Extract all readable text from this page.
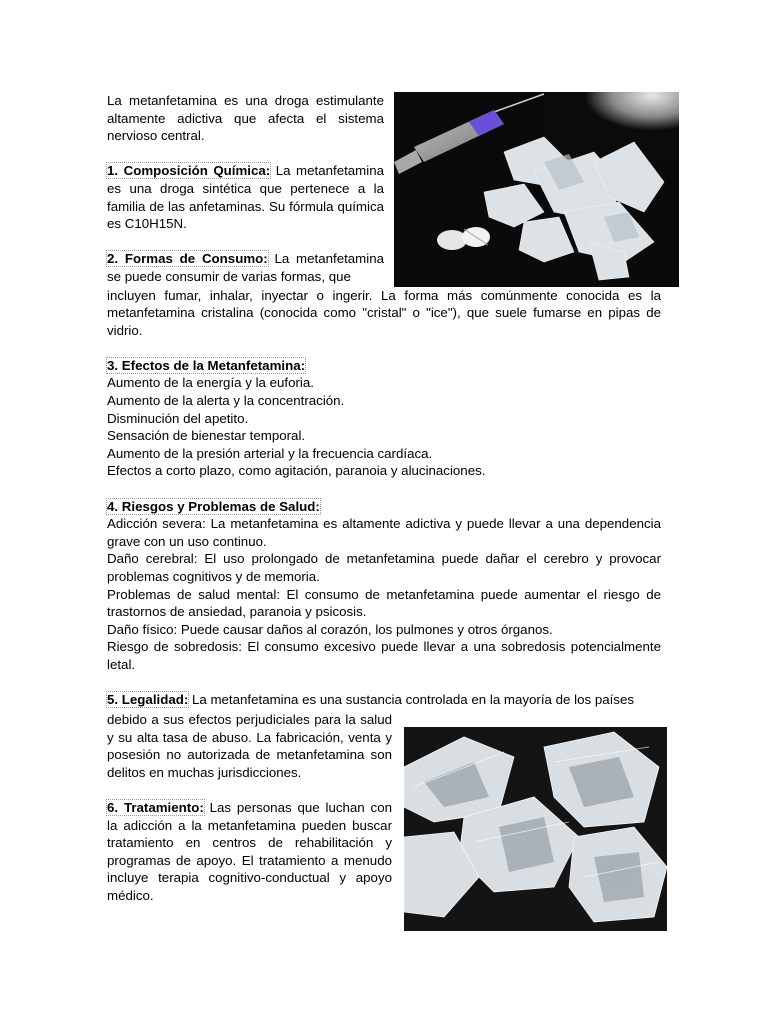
La metanfetamina es una droga estimulante altamente adictiva que afecta el sistema nervioso central.

1. Composición Química: La metanfetamina es una droga sintética que pertenece a la familia de las anfetaminas. Su fórmula química es C10H15N.

2. Formas de Consumo: La metanfetamina se puede consumir de varias formas, que

incluyen fumar, inhalar, inyectar o ingerir. La forma más comúnmente conocida es la metanfetamina cristalina (conocida como "cristal" o "ice"), que suele fumarse en pipas de vidrio.

3. Efectos de la Metanfetamina:

Aumento de la energía y la euforia.
Aumento de la alerta y la concentración.
Disminución del apetito.
Sensación de bienestar temporal.
Aumento de la presión arterial y la frecuencia cardíaca.
Efectos a corto plazo, como agitación, paranoia y alucinaciones.

4. Riesgos y Problemas de Salud:

Adicción severa: La metanfetamina es altamente adictiva y puede llevar a una dependencia grave con un uso continuo.

Daño cerebral: El uso prolongado de metanfetamina puede dañar el cerebro y provocar problemas cognitivos y de memoria.

Problemas de salud mental: El consumo de metanfetamina puede aumentar el riesgo de trastornos de ansiedad, paranoia y psicosis.

Daño físico: Puede causar daños al corazón, los pulmones y otros órganos.

Riesgo de sobredosis: El consumo excesivo puede llevar a una sobredosis potencialmente letal.

5. Legalidad: La metanfetamina es una sustancia controlada en la mayoría de los países

debido a sus efectos perjudiciales para la salud y su alta tasa de abuso. La fabricación, venta y posesión no autorizada de metanfetamina son delitos en muchas jurisdicciones.

6. Tratamiento: Las personas que luchan con la adicción a la metanfetamina pueden buscar tratamiento en centros de rehabilitación y programas de apoyo. El tratamiento a menudo incluye terapia cognitivo-conductual y apoyo médico.
